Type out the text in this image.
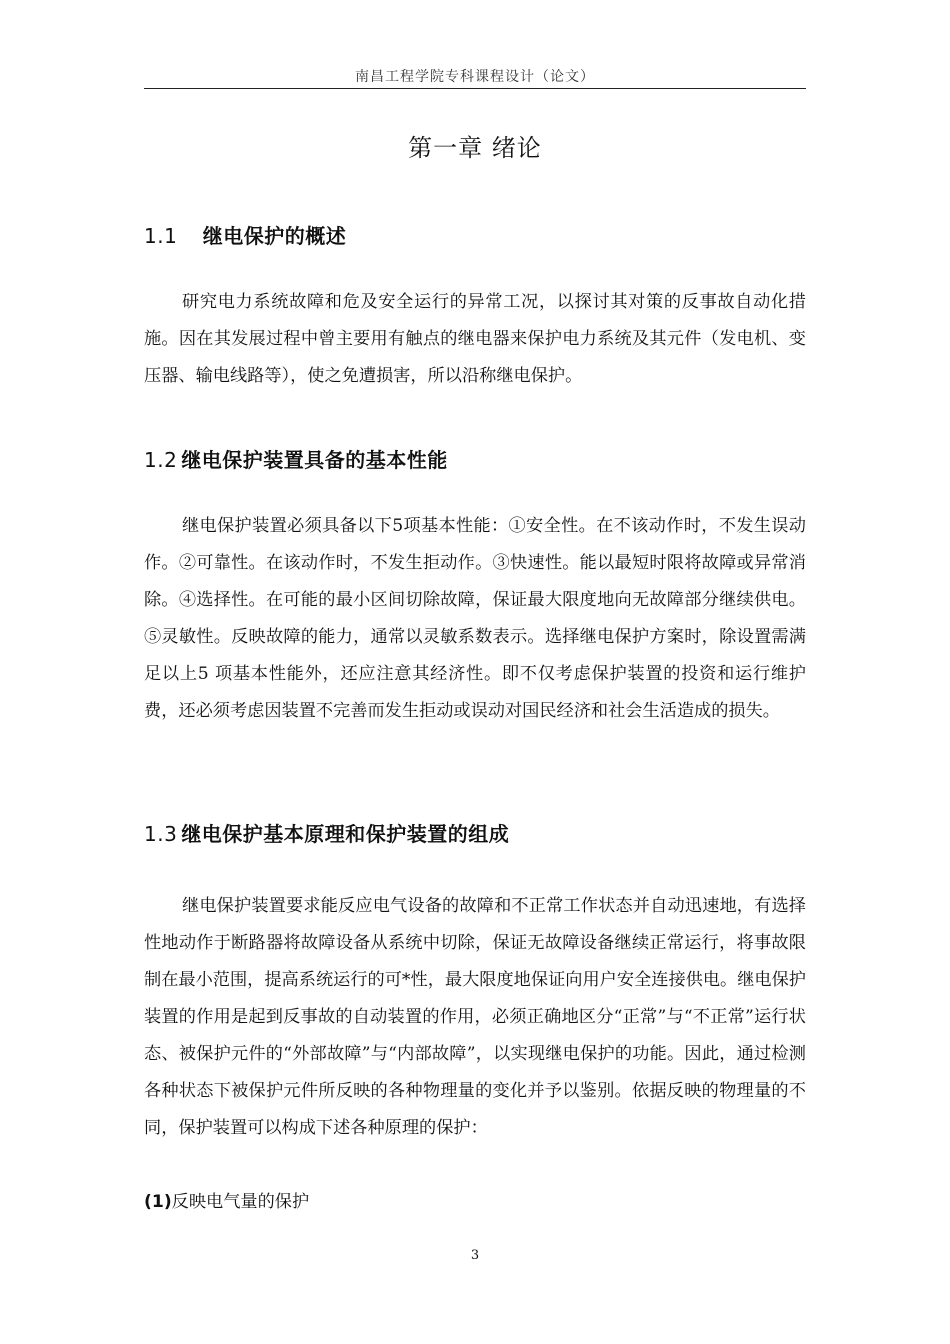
南昌工程学院专科课程设计（论文）
第一章 绪论
1.1 继电保护的概述
研究电力系统故障和危及安全运行的异常工况，以探讨其对策的反事故自动化措施。因在其发展过程中曾主要用有触点的继电器来保护电力系统及其元件（发电机、变压器、输电线路等），使之免遭损害，所以沿称继电保护。
1.2 继电保护装置具备的基本性能
继电保护装置必须具备以下5项基本性能：①安全性。在不该动作时，不发生误动作。②可靠性。在该动作时，不发生拒动作。③快速性。能以最短时限将故障或异常消除。④选择性。在可能的最小区间切除故障，保证最大限度地向无故障部分继续供电。⑤灵敏性。反映故障的能力，通常以灵敏系数表示。选择继电保护方案时，除设置需满足以上5 项基本性能外，还应注意其经济性。即不仅考虑保护装置的投资和运行维护费，还必须考虑因装置不完善而发生拒动或误动对国民经济和社会生活造成的损失。
1.3 继电保护基本原理和保护装置的组成
继电保护装置要求能反应电气设备的故障和不正常工作状态并自动迅速地，有选择性地动作于断路器将故障设备从系统中切除，保证无故障设备继续正常运行，将事故限制在最小范围，提高系统运行的可*性，最大限度地保证向用户安全连接供电。继电保护装置的作用是起到反事故的自动装置的作用，必须正确地区分“正常”与“不正常”运行状态、被保护元件的“外部故障”与“内部故障”，以实现继电保护的功能。因此，通过检测各种状态下被保护元件所反映的各种物理量的变化并予以鉴别。依据反映的物理量的不同，保护装置可以构成下述各种原理的保护：
(1)反映电气量的保护
3
